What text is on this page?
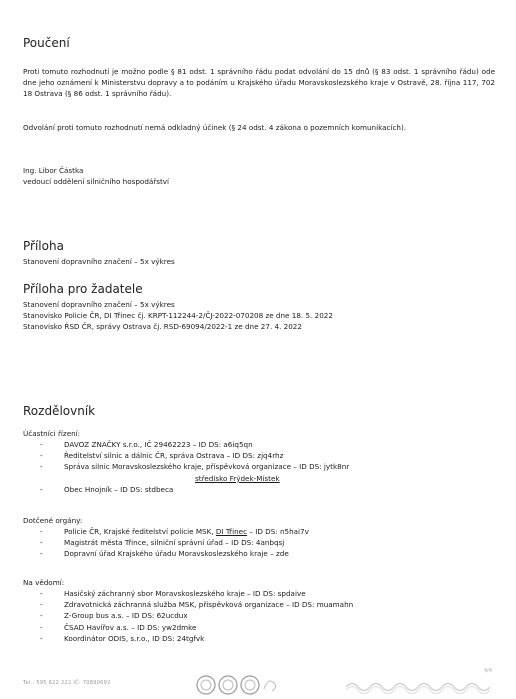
Poučení
Proti tomuto rozhodnutí je možno podle § 81 odst. 1 správního řádu podat odvolání do 15 dnů (§ 83 odst. 1 správního řádu) ode dne jeho oznámení k Ministerstvu dopravy a to podáním u Krajského úřadu Moravskoslezského kraje v Ostravě, 28. října 117, 702 18 Ostrava (§ 86 odst. 1 správního řádu).
Odvolání proti tomuto rozhodnutí nemá odkladný účinek (§ 24 odst. 4 zákona o pozemních komunikacích).
Ing. Libor Částka
vedoucí oddělení silničního hospodářství
Příloha
Stanovení dopravního značení – 5x výkres
Příloha pro žadatele
Stanovení dopravního značení – 5x výkres
Stanovisko Policie ČR, DI Třinec čj. KRPT-112244-2/ČJ-2022-070208 ze dne 18. 5. 2022
Stanovisko ŘSD ČR, správy Ostrava čj. RSD-69094/2022-1 ze dne 27. 4. 2022
Rozdělovník
Účastníci řízení:
-	DAVOZ ZNAČKY s.r.o., IČ 29462223 – ID DS: a6iq5qn
-	Ředitelství silnic a dálnic ČR, správa Ostrava – ID DS: zjq4rhz
-	Správa silnic Moravskoslezského kraje, příspěvková organizace – ID DS: jytk8nr
středisko Frýdek-Místek
-	Obec Hnojník – ID DS: stdbeca
Dotčené orgány:
-	Policie ČR, Krajské ředitelství policie MSK, DI Třinec – ID DS: n5hai7v
-	Magistrát města Třince, silniční správní úřad – ID DS: 4anbqsj
-	Dopravní úřad Krajského úřadu Moravskoslezského kraje – zde
Na vědomí:
-	Hasičský záchranný sbor Moravskoslezského kraje – ID DS: spdaive
-	Zdravotnická záchranná služba MSK, příspěvková organizace – ID DS: muamahn
-	Z-Group bus a.s. – ID DS: 62ucdux
-	ČSAD Havířov a.s. – ID DS: yw2dmke
-	Koordinátor ODIS, s.r.o., ID DS: 24tgfvk
4/4
Tel.: 595 622 222 IČ: 70890692
